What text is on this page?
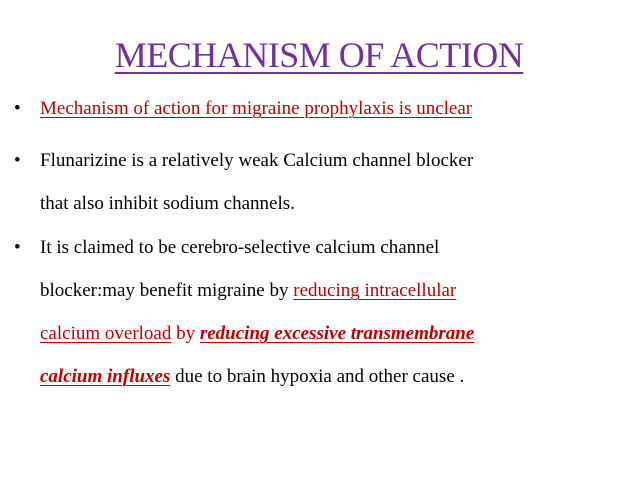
MECHANISM OF ACTION
• Mechanism of action for migraine prophylaxis is unclear
• Flunarizine is a relatively weak Calcium channel blocker
that also inhibit sodium channels.
• It is claimed to be cerebro-selective calcium channel
blocker:may benefit migraine by reducing intracellular
calcium overload by reducing excessive transmembrane
calcium influxes due to brain hypoxia and other cause .
